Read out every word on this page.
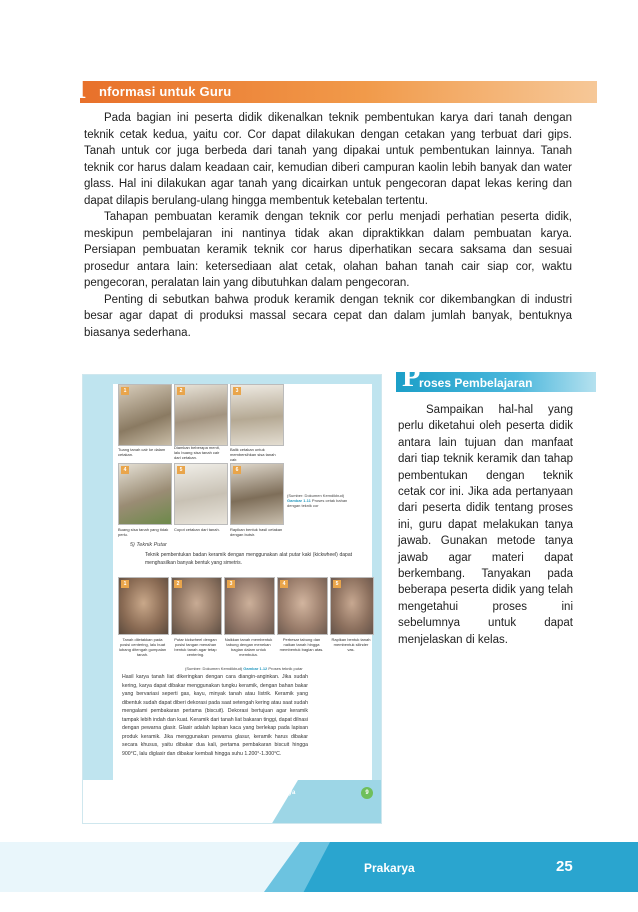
I nformasi untuk Guru

Pada bagian ini peserta didik dikenalkan teknik pembentukan karya dari tanah dengan teknik cetak kedua, yaitu cor. Cor dapat dilakukan dengan cetakan yang terbuat dari gips. Tanah untuk cor juga berbeda dari tanah yang dipakai untuk pembentukan lainnya. Tanah teknik cor harus dalam keadaan cair, kemudian diberi campuran kaolin lebih banyak dan water glass. Hal ini dilakukan agar tanah yang dicairkan untuk pengecoran dapat lekas kering dan dapat dilapis berulang-ulang hingga membentuk ketebalan tertentu.

Tahapan pembuatan keramik dengan teknik cor perlu menjadi perhatian peserta didik, meskipun pembelajaran ini nantinya tidak akan dipraktikkan dalam pembuatan karya. Persiapan pembuatan keramik teknik cor harus diperhatikan secara saksama dan sesuai prosedur antara lain: ketersediaan alat cetak, olahan bahan tanah cair siap cor, waktu pengecoran, peralatan lain yang dibutuhkan dalam pengecoran.

Penting di sebutkan bahwa produk keramik dengan teknik cor dikembangkan di industri besar agar dapat di produksi massal secara cepat dan dalam jumlah banyak, bentuknya biasanya sederhana.

Prakarya	9
1	2	3
Tuang tanah cair ke dalam cetakan.
Diamkan beberapa menit, lalu buang sisa tanah cair dari cetakan.
Balik cetakan untuk membersihkan sisa tanah cair.
4	5	6
Buang sisa tanah yang tidak perlu.
Copot cetakan dari tanah.	Rapikan bentuk hasil cetakan dengan butsir.
(Sumber: Dokumen Kemdikbud) Gambar 1.11 Proses cetak bahan dengan teknik cor
5) Teknik Putar
Teknik pembentukan badan keramik dengan menggunakan alat putar kaki (kickwheel) dapat menghasilkan banyak bentuk yang simetris.
1	2	3	4	5
Tanah diletakkan pada posisi centering, lalu buat lubang ditengah gumpalan tanah.
Putar kickwheel dengan posisi tangan menahan bentuk tanah agar tetap centering.
Naikkan tanah membentuk tabung dengan menekan bagian dalam untuk membuka.
Perbesar tabung dan naikan tanah hingga membentuk bagian atas.
Rapikan bentuk tanah membentuk silinder vas.
(Sumber: Dokumen Kemdikbud) Gambar 1.12 Proses teknik putar
Hasil karya tanah liat dikeringkan dengan cara diangin-anginkan. Jika sudah kering, karya dapat dibakar menggunakan tungku keramik, dengan bahan bakar yang bervariasi seperti gas, kayu, minyak tanah atau listrik. Keramik yang dibentuk sudah dapat diberi dekorasi pada saat setengah kering atau saat sudah mengalami pembakaran pertama (biscuit). Dekorasi bertujuan agar keramik tampak lebih indah dan kuat. Keramik dari tanah liat bakaran tinggi, dapat dilnasi dengan pewarna glasir. Glasir adalah lapisan kaca yang berlekap pada lapisan produk keramik. Jika menggunakan pewarna glasur, keramik harus dibakar secara khusus, yaitu dibakar dua kali, pertama pembakaran biscuit hingga 900°C, lalu diglasir dan dibakar kembali hingga suhu 1.200°-1.300°C.
P
roses Pembelajaran

Sampaikan hal-hal yang perlu diketahui oleh peserta didik antara lain tujuan dan manfaat dari tiap teknik keramik dan tahap pembentukan dengan teknik cetak cor ini. Jika ada pertanyaan dari peserta didik tentang proses ini, guru dapat melakukan tanya jawab. Gunakan metode tanya jawab agar materi dapat berkembang. Tanyakan pada beberapa peserta didik yang telah mengetahui proses ini sebelumnya untuk dapat menjelaskan di kelas.

Prakarya	25
